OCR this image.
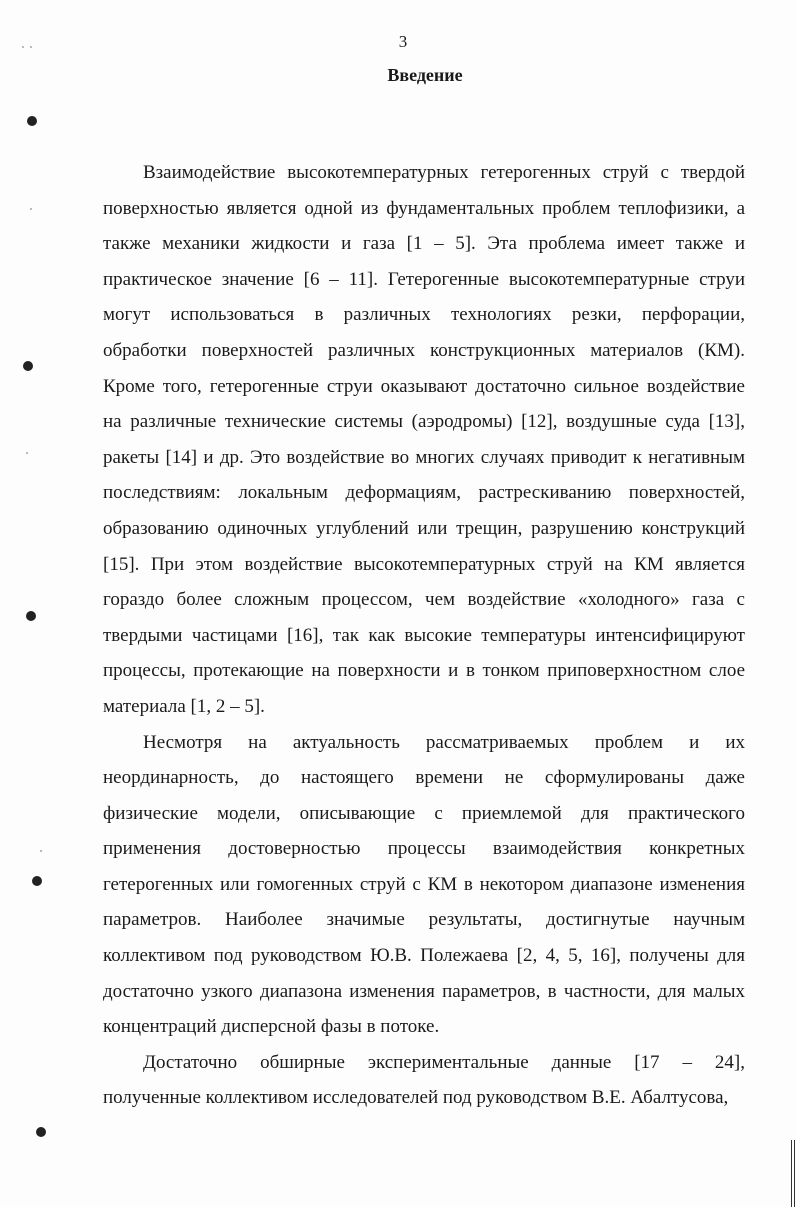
3
Введение
Взаимодействие высокотемпературных гетерогенных струй с твердой
поверхностью является одной из фундаментальных проблем теплофизики, а
также механики жидкости и газа [1 – 5]. Эта проблема имеет также и
практическое значение [6 – 11]. Гетерогенные высокотемпературные струи
могут использоваться в различных технологиях резки, перфорации,
обработки поверхностей различных конструкционных материалов (КМ).
Кроме того, гетерогенные струи оказывают достаточно сильное воздействие
на различные технические системы (аэродромы) [12], воздушные суда [13],
ракеты [14] и др. Это воздействие во многих случаях приводит к негативным
последствиям: локальным деформациям, растрескиванию поверхностей,
образованию одиночных углублений или трещин, разрушению конструкций
[15]. При этом воздействие высокотемпературных струй на КМ является
гораздо более сложным процессом, чем воздействие «холодного» газа с
твердыми частицами [16], так как высокие температуры интенсифицируют
процессы, протекающие на поверхности и в тонком приповерхностном слое
материала [1, 2 – 5].
Несмотря на актуальность рассматриваемых проблем и их
неординарность, до настоящего времени не сформулированы даже
физические модели, описывающие с приемлемой для практического
применения достоверностью процессы взаимодействия конкретных
гетерогенных или гомогенных струй с КМ в некотором диапазоне изменения
параметров. Наиболее значимые результаты, достигнутые научным
коллективом под руководством Ю.В. Полежаева [2, 4, 5, 16], получены для
достаточно узкого диапазона изменения параметров, в частности, для малых
концентраций дисперсной фазы в потоке.
Достаточно обширные экспериментальные данные [17 – 24],
полученные коллективом исследователей под руководством В.Е. Абалтусова,
